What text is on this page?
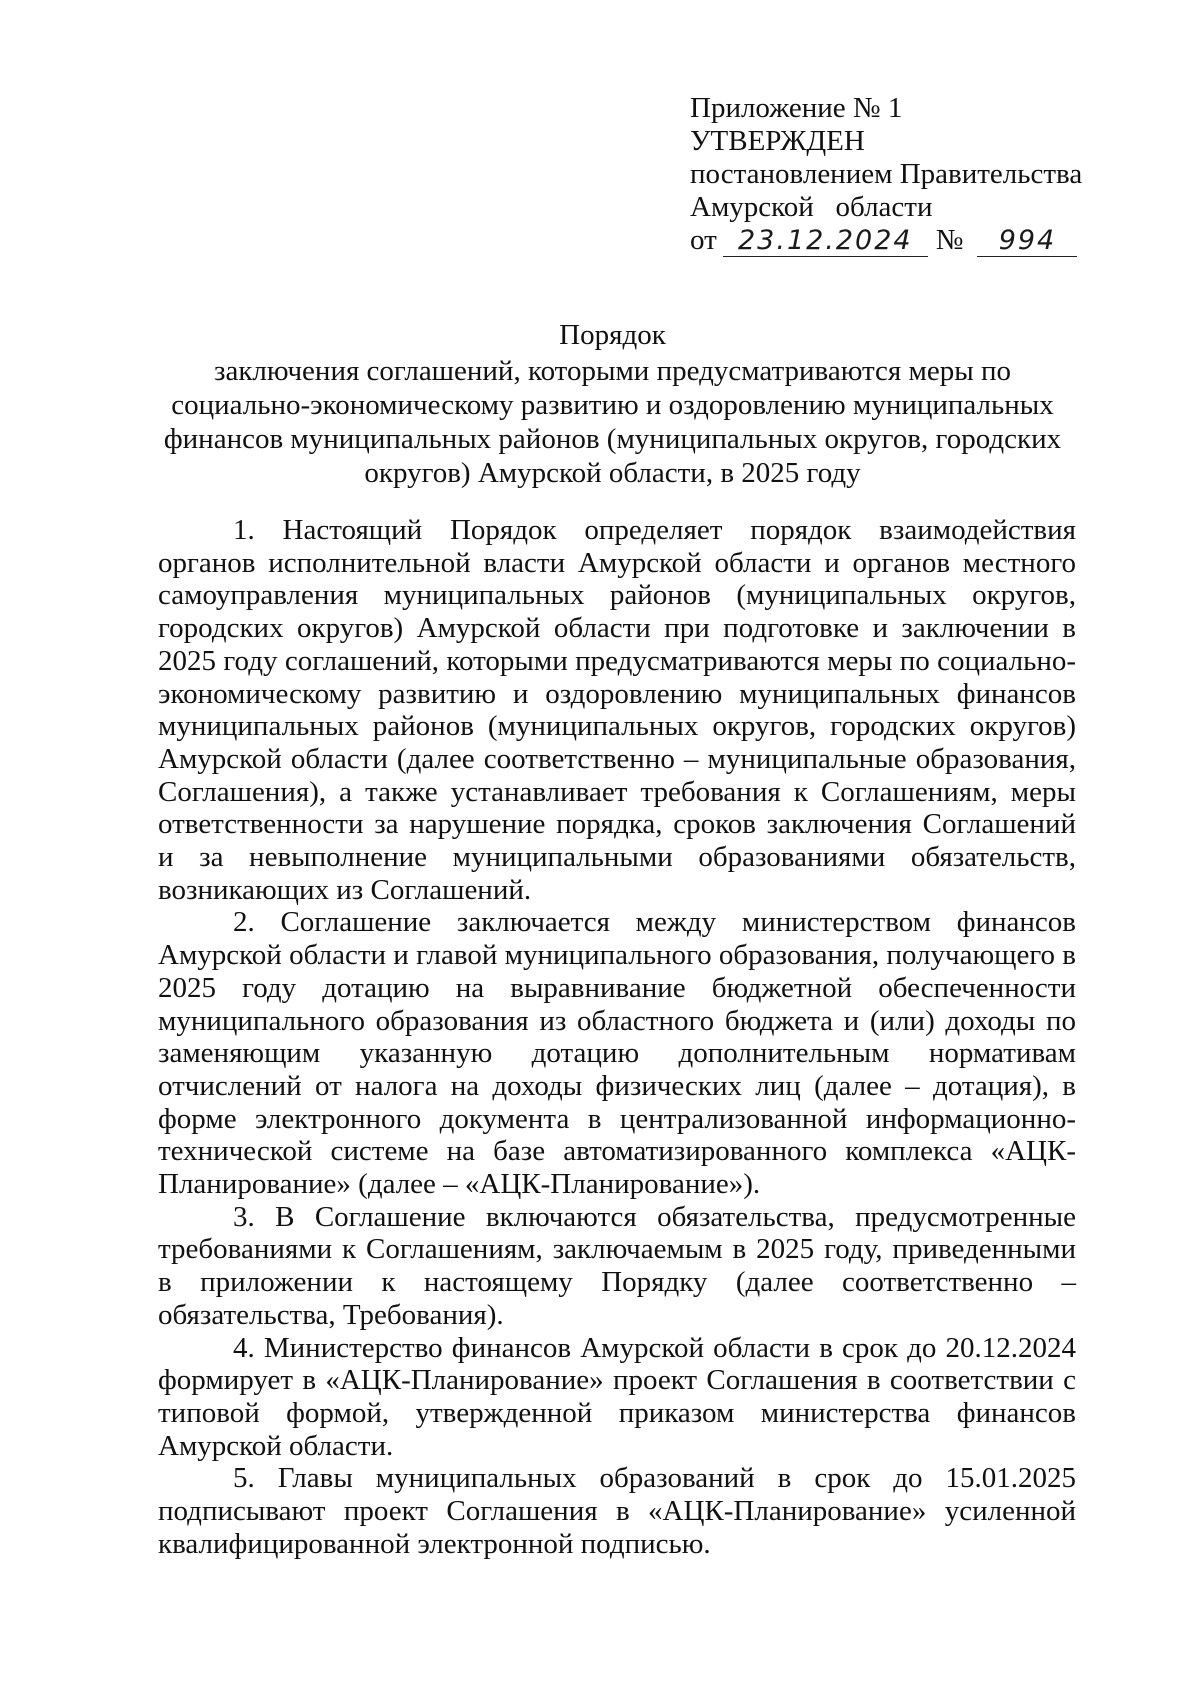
Приложение № 1
УТВЕРЖДЕН
постановлением Правительства
Амурской   области
от 23.12.2024 №	994
Порядок
заключения соглашений, которыми предусматриваются меры по
социально-экономическому развитию и оздоровлению муниципальных
финансов муниципальных районов (муниципальных округов, городских
округов) Амурской области, в 2025 году

1. Настоящий Порядок определяет порядок взаимодействия органов исполнительной власти Амурской области и органов местного самоуправления муниципальных районов (муниципальных округов, городских округов) Амурской области при подготовке и заключении в 2025 году соглашений, которыми предусматриваются меры по социально-экономическому развитию и оздоровлению муниципальных финансов муниципальных районов (муниципальных округов, городских округов) Амурской области (далее соответственно – муниципальные образования, Соглашения), а также устанавливает требования к Соглашениям, меры ответственности за нарушение порядка, сроков заключения Соглашений и за невыполнение муниципальными образованиями обязательств, возникающих из Соглашений.

2. Соглашение заключается между министерством финансов Амурской области и главой муниципального образования, получающего в 2025 году дотацию на выравнивание бюджетной обеспеченности муниципального образования из областного бюджета и (или) доходы по заменяющим указанную дотацию дополнительным нормативам отчислений от налога на доходы физических лиц (далее – дотация), в форме электронного документа в централизованной информационно-технической системе на базе автоматизированного комплекса «АЦК-Планирование» (далее – «АЦК-Планирование»).

3. В Соглашение включаются обязательства, предусмотренные требованиями к Соглашениям, заключаемым в 2025 году, приведенными в приложении к настоящему Порядку (далее соответственно – обязательства, Требования).

4. Министерство финансов Амурской области в срок до 20.12.2024 формирует в «АЦК-Планирование» проект Соглашения в соответствии с типовой формой, утвержденной приказом министерства финансов Амурской области.

5. Главы муниципальных образований в срок до 15.01.2025 подписывают проект Соглашения в «АЦК-Планирование» усиленной квалифицированной электронной подписью.
